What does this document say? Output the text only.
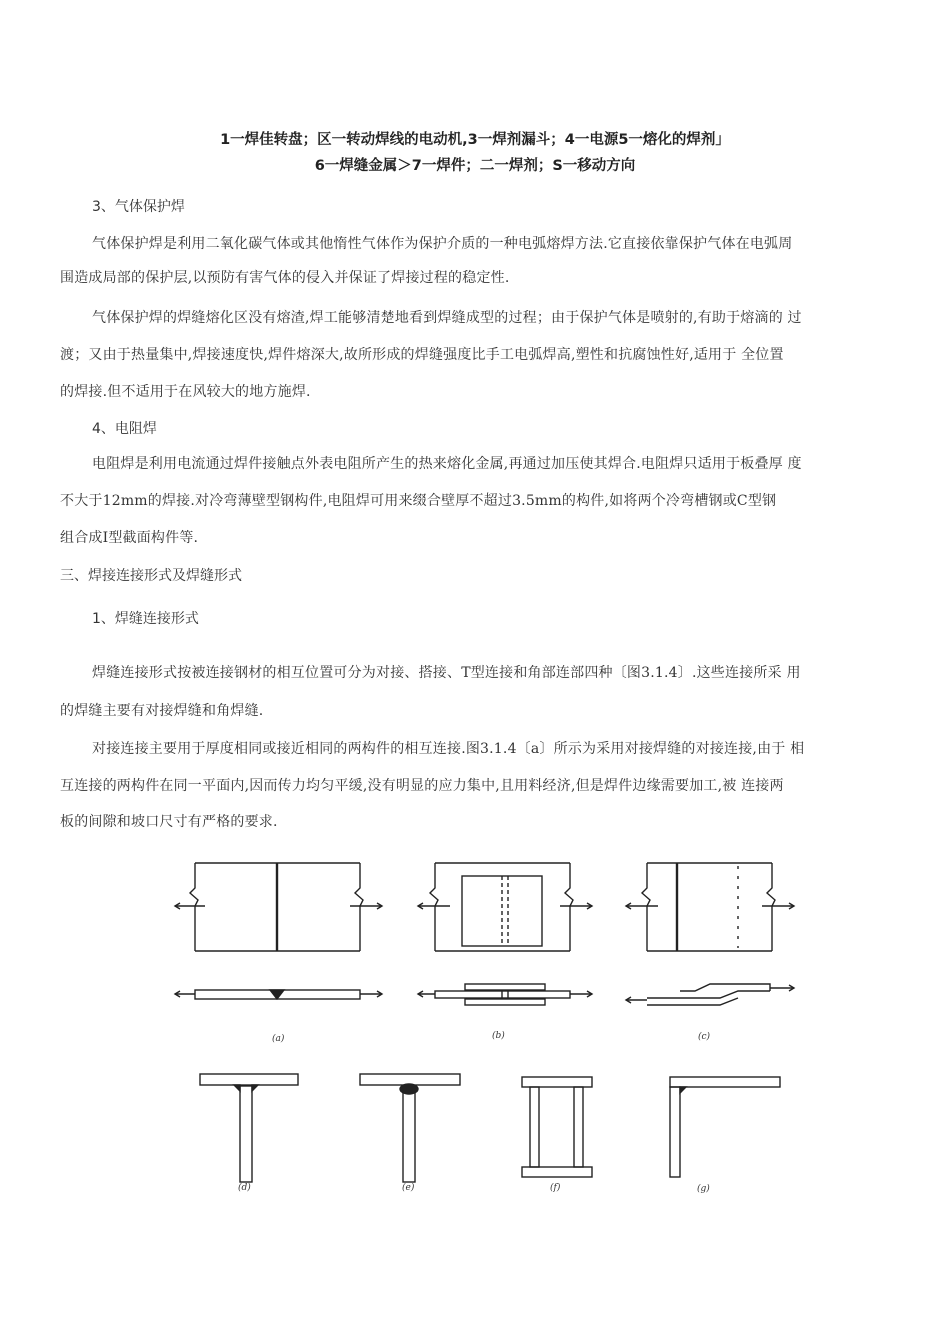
1一焊佳转盘；区一转动焊线的电动机,3一焊剂漏斗；4一电源5一熔化的焊剂」
6一焊缝金属＞7一焊件；二一焊剂；S一移动方向
3、气体保护焊
气体保护焊是利用二氧化碳气体或其他惰性气体作为保护介质的一种电弧熔焊方法.它直接依靠保护气体在电弧周
围造成局部的保护层,以预防有害气体的侵入并保证了焊接过程的稳定性.
气体保护焊的焊缝熔化区没有熔渣,焊工能够清楚地看到焊缝成型的过程；由于保护气体是喷射的,有助于熔滴的 过
渡；又由于热量集中,焊接速度快,焊件熔深大,故所形成的焊缝强度比手工电弧焊高,塑性和抗腐蚀性好,适用于 全位置
的焊接.但不适用于在风较大的地方施焊.
4、电阻焊
电阻焊是利用电流通过焊件接触点外表电阻所产生的热来熔化金属,再通过加压使其焊合.电阻焊只适用于板叠厚 度
不大于12mm的焊接.对冷弯薄壁型钢构件,电阻焊可用来缀合壁厚不超过3.5mm的构件,如将两个冷弯槽钢或C型钢
组合成I型截面构件等.
三、焊接连接形式及焊缝形式
1、焊缝连接形式
焊缝连接形式按被连接钢材的相互位置可分为对接、搭接、T型连接和角部连部四种〔图3.1.4〕.这些连接所采 用
的焊缝主要有对接焊缝和角焊缝.
对接连接主要用于厚度相同或接近相同的两构件的相互连接.图3.1.4〔a〕所示为采用对接焊缝的对接连接,由于 相
互连接的两构件在同一平面内,因而传力均匀平缓,没有明显的应力集中,且用料经济,但是焊件边缘需要加工,被 连接两
板的间隙和坡口尺寸有严格的要求.
(a)	(b)	(c)
(d)	(e)	(f)	(g)
